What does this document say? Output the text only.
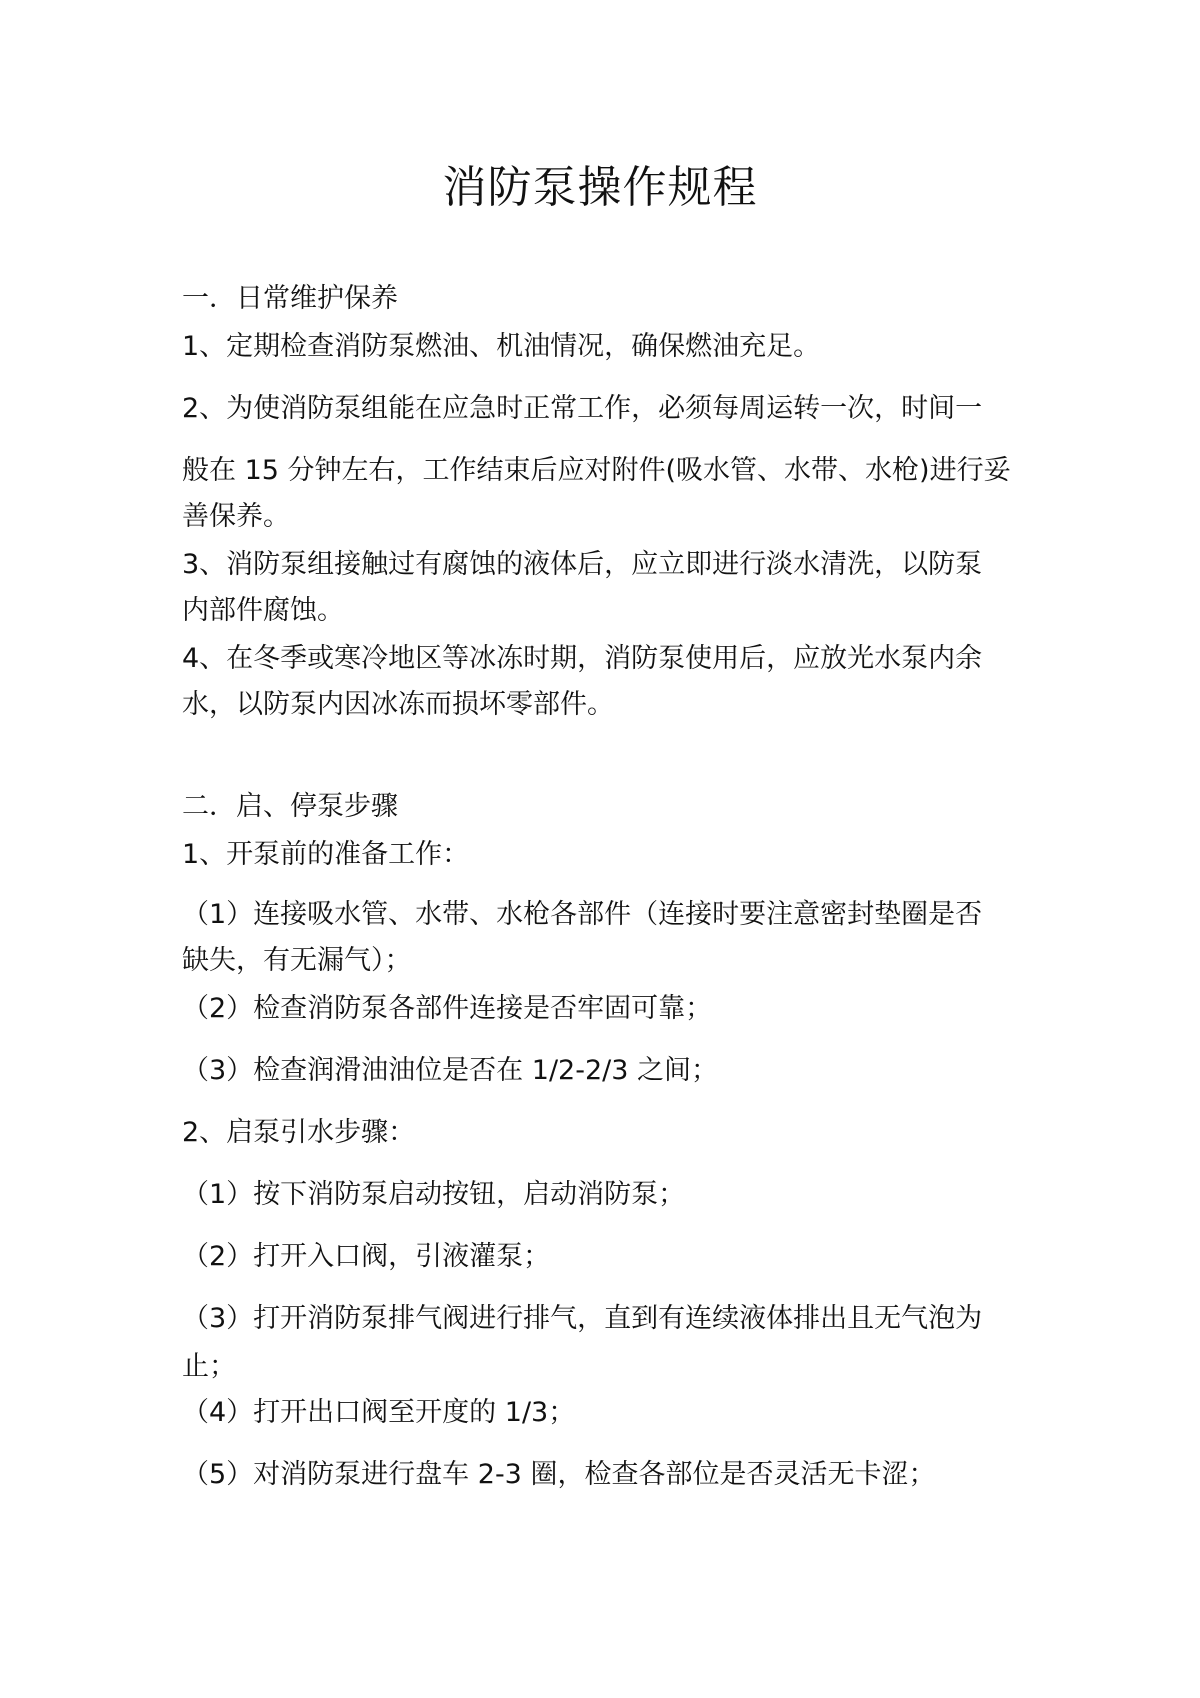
消防泵操作规程

一．日常维护保养

1、定期检查消防泵燃油、机油情况，确保燃油充足。

2、为使消防泵组能在应急时正常工作，必须每周运转一次，时间一

般在 15 分钟左右，工作结束后应对附件(吸水管、水带、水枪)进行妥

善保养。

3、消防泵组接触过有腐蚀的液体后，应立即进行淡水清洗，以防泵

内部件腐蚀。

4、在冬季或寒冷地区等冰冻时期，消防泵使用后，应放光水泵内余

水，以防泵内因冰冻而损坏零部件。

二．启、停泵步骤

1、开泵前的准备工作：

（1）连接吸水管、水带、水枪各部件（连接时要注意密封垫圈是否

缺失，有无漏气）；

（2）检查消防泵各部件连接是否牢固可靠；

（3）检查润滑油油位是否在 1/2-2/3 之间；

2、启泵引水步骤：

（1）按下消防泵启动按钮，启动消防泵；

（2）打开入口阀，引液灌泵；

（3）打开消防泵排气阀进行排气，直到有连续液体排出且无气泡为

止；

（4）打开出口阀至开度的 1/3；

（5）对消防泵进行盘车 2-3 圈，检查各部位是否灵活无卡涩；
